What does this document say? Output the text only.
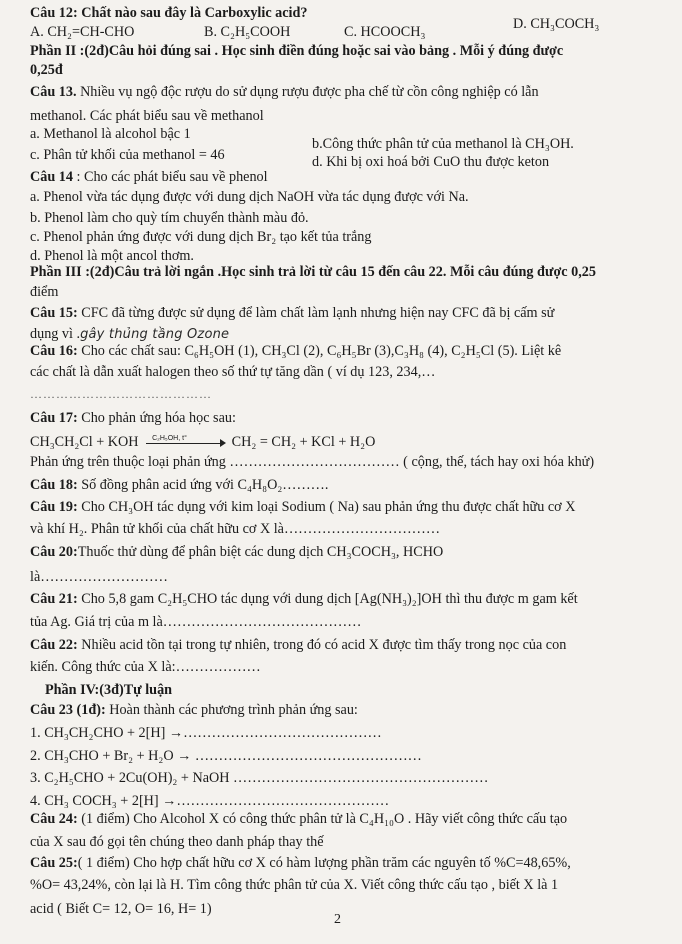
Câu 12: Chất nào sau đây là Carboxylic acid?
A. CH₂=CH-CHO	B. C₂H₅COOH	C. HCOOCH₃	D. CH₃COCH₃
Phần II :(2đ)Câu hỏi đúng sai . Học sinh điền đúng hoặc sai vào bảng . Mỗi ý đúng được
0,25đ
Câu 13. Nhiều vụ ngộ độc rượu do sử dụng rượu được pha chế từ cồn công nghiệp có lẫn
methanol. Các phát biểu sau về methanol
a. Methanol là alcohol bậc 1
b.Công thức phân tử của methanol là CH₃OH.
c. Phân tử khối của methanol = 46	d. Khi bị oxi hoá bởi CuO thu được keton
Câu 14 : Cho các phát biểu sau về phenol
a. Phenol vừa tác dụng được với dung dịch NaOH vừa tác dụng được với Na.
b. Phenol làm cho quỳ tím chuyển thành màu đỏ.
c. Phenol phản ứng được với dung dịch Br₂ tạo kết tủa trắng
d. Phenol là một ancol thơm.
Phần III :(2đ)Câu trả lời ngắn .Học sinh trả lời từ câu 15 đến câu 22. Mỗi câu đúng được 0,25
điểm
Câu 15: CFC đã từng được sử dụng để làm chất làm lạnh nhưng hiện nay CFC đã bị cấm sử
dụng vì .gây thủng tầng Ozone
Câu 16: Cho các chất sau: C₆H₅OH (1), CH₃Cl (2), C₆H₅Br (3),C₃H₈ (4), C₂H₅Cl (5). Liệt kê
các chất là dẫn xuất halogen theo số thứ tự tăng dần ( ví dụ 123, 234,…
……………………………………
Câu 17: Cho phản ứng hóa học sau:
CH₃CH₂Cl + KOH C₂H₅OH, t°	CH₂ = CH₂ + KCl + H₂O
Phản ứng trên thuộc loại phản ứng ……………………………… ( cộng, thế, tách hay oxi hóa khử)
Câu 18: Số đồng phân acid ứng với C₄H₈O₂……….
Câu 19: Cho CH₃OH tác dụng với kim loại Sodium ( Na) sau phản ứng thu được chất hữu cơ X
và khí H₂. Phân tử khối của chất hữu cơ X là……………………………
Câu 20:Thuốc thử dùng để phân biệt các dung dịch CH₃COCH₃, HCHO
là………………………
Câu 21: Cho 5,8 gam C₂H₅CHO tác dụng với dung dịch [Ag(NH₃)₂]OH thì thu được m gam kết
tủa Ag. Giá trị của m là……………………………………
Câu 22: Nhiều acid tồn tại trong tự nhiên, trong đó có acid X được tìm thấy trong nọc của con
kiến. Công thức của X là:………………
Phần IV:(3đ)Tự luận
Câu 23 (1đ): Hoàn thành các phương trình phản ứng sau:
1. CH₃CH₂CHO + 2[H] →……………………………………
2. CH₃CHO + Br₂ + H₂O → …………………………………………
3. C₂H₅CHO + 2Cu(OH)₂ + NaOH ………………………………………………
4. CH₃ COCH₃ + 2[H] →………………………………………
Câu 24: (1 điểm) Cho Alcohol X có công thức phân tử là C₄H₁₀O . Hãy viết công thức cấu tạo
của X sau đó gọi tên chúng theo danh pháp thay thế
Câu 25:( 1 điểm) Cho hợp chất hữu cơ X có hàm lượng phần trăm các nguyên tố %C=48,65%,
%O= 43,24%, còn lại là H. Tìm công thức phân tử của X. Viết công thức cấu tạo , biết X là 1
acid ( Biết C= 12, O= 16, H= 1)
2
